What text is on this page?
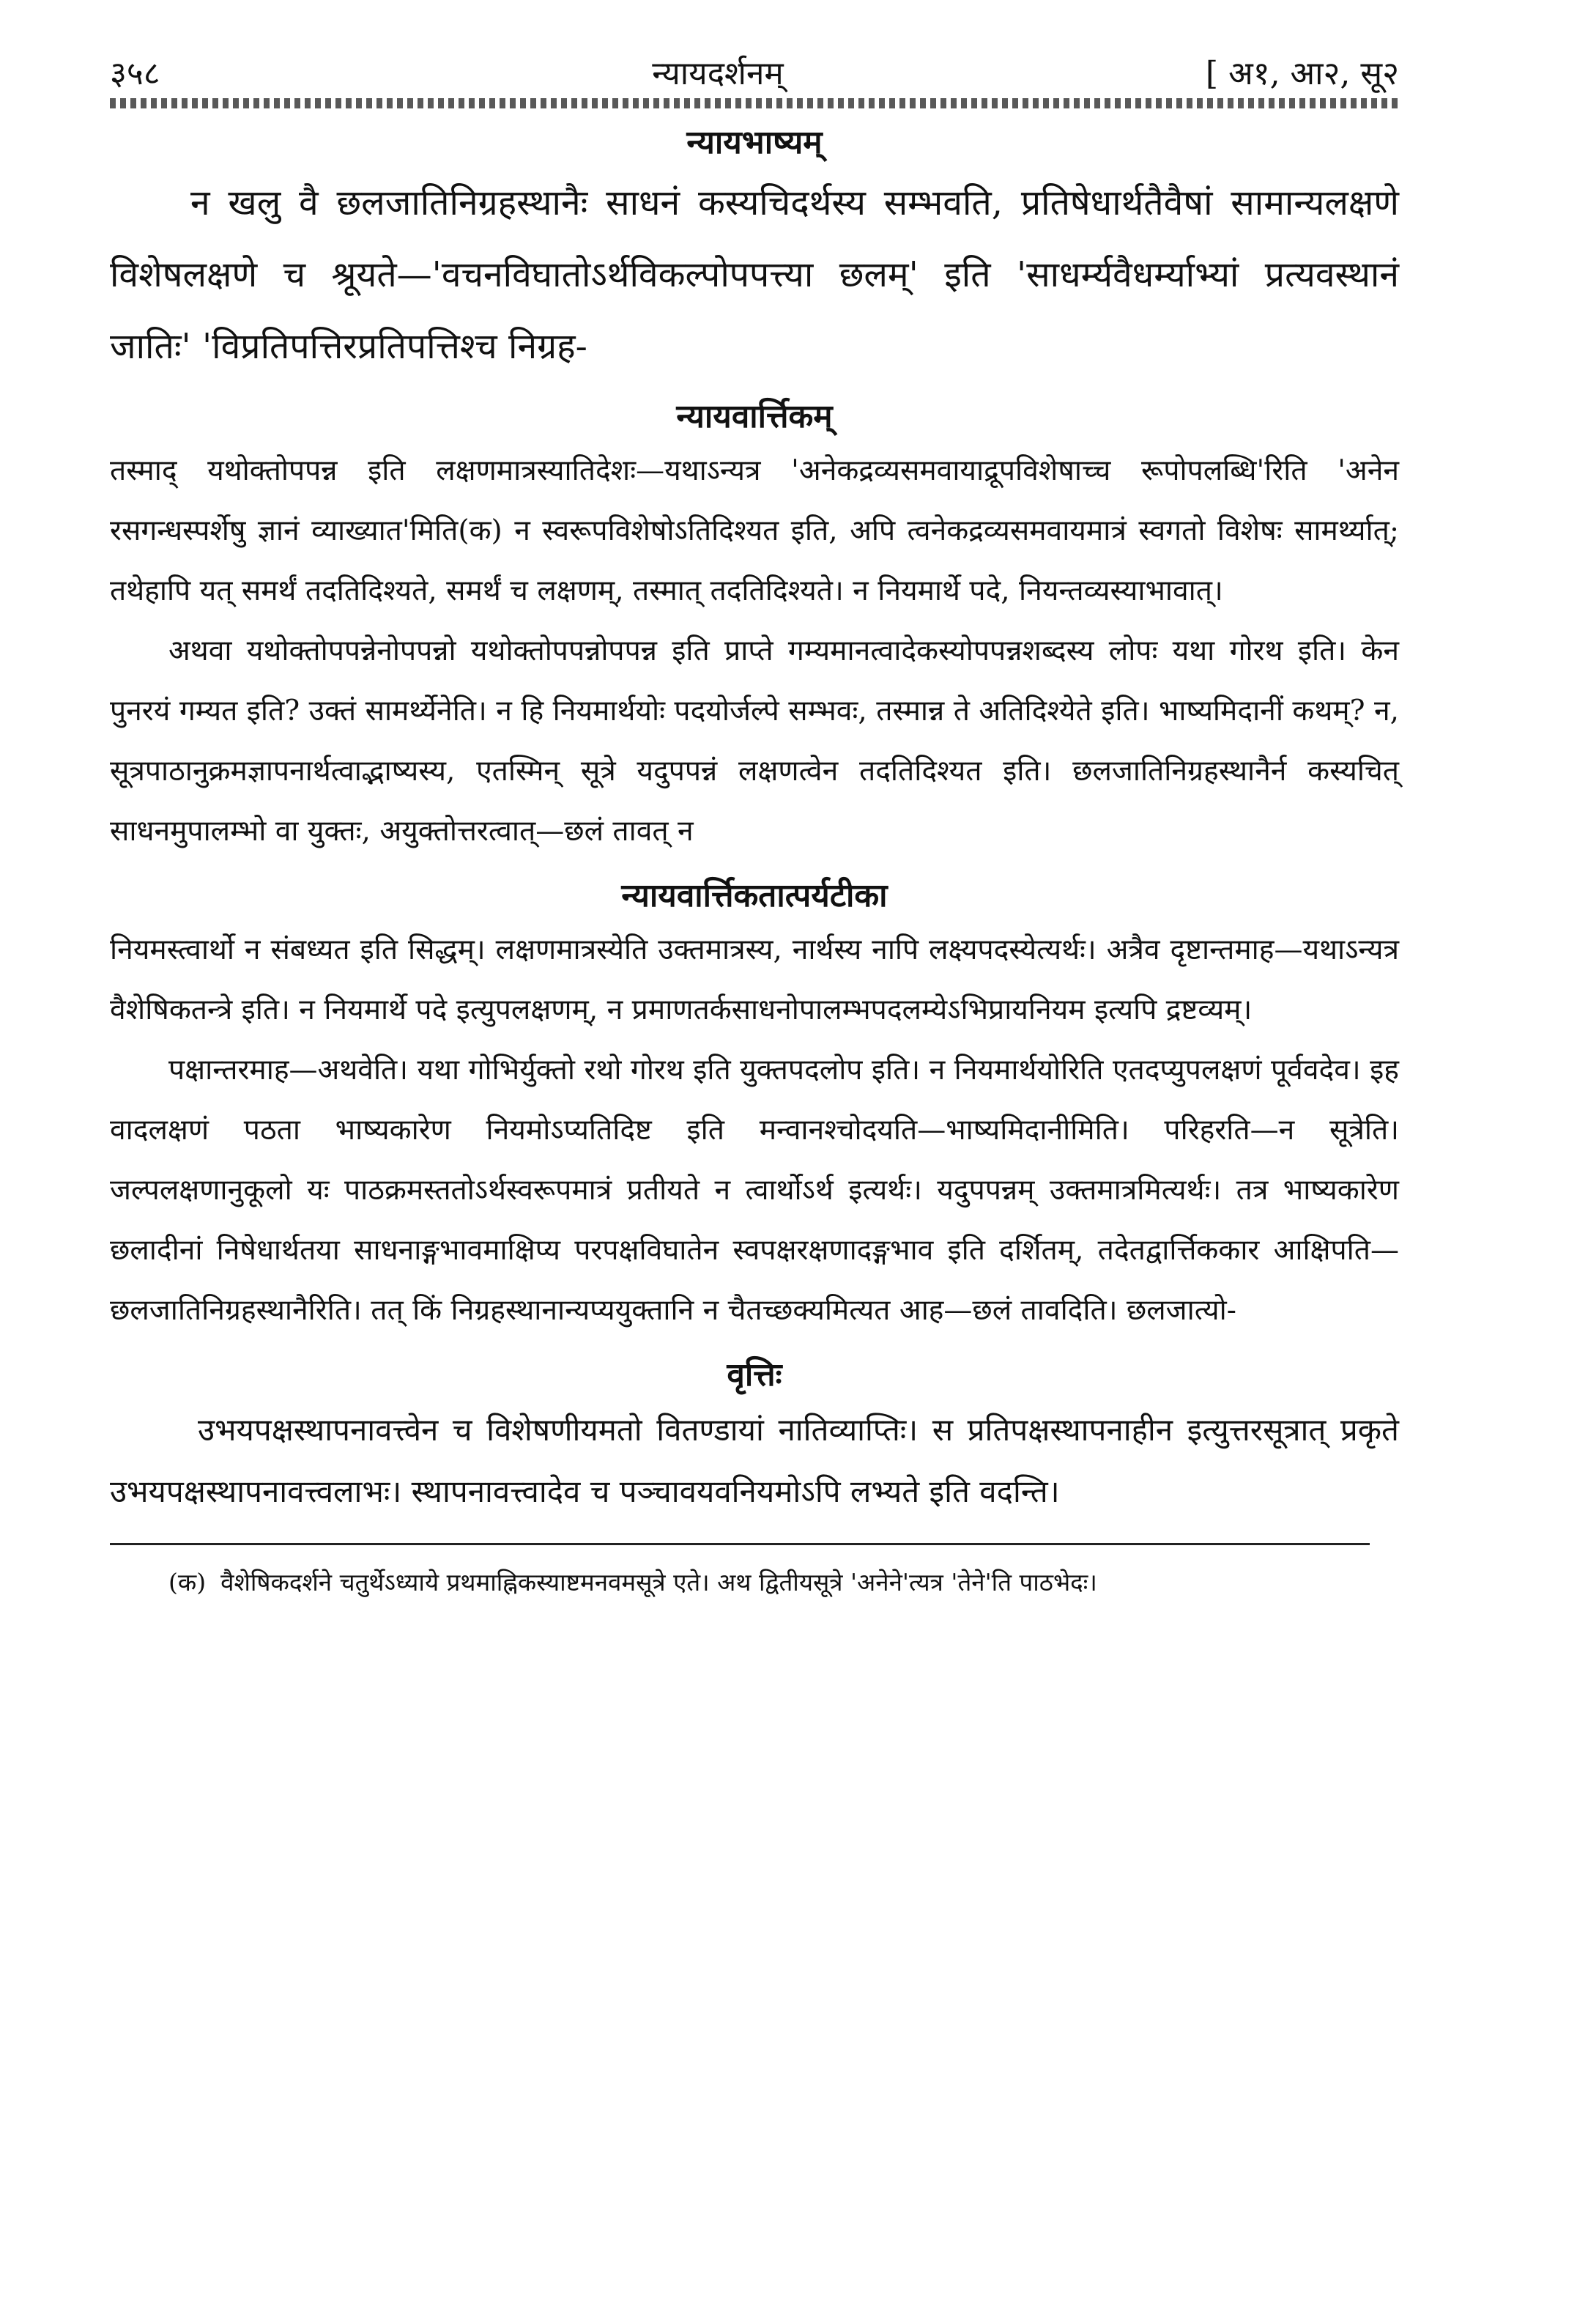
३५८	न्यायदर्शनम्	[ अ१, आ२, सू२
न्यायभाष्यम्

न खलु वै छलजातिनिग्रहस्थानैः साधनं कस्यचिदर्थस्य सम्भवति, प्रतिषेधार्थतैवैषां सामान्यलक्षणे विशेषलक्षणे च श्रूयते—'वचनविघातोऽर्थविकल्पोपपत्त्या छलम्' इति 'साधर्म्यवैधर्म्याभ्यां प्रत्यवस्थानं जातिः' 'विप्रतिपत्तिरप्रतिपत्तिश्च निग्रह-

न्यायवार्त्तिकम्

तस्माद् यथोक्तोपपन्न इति लक्षणमात्रस्यातिदेशः—यथाऽन्यत्र 'अनेकद्रव्यसमवायाद्रूपविशेषाच्च रूपोपलब्धि'रिति 'अनेन रसगन्धस्पर्शेषु ज्ञानं व्याख्यात'मिति(क) न स्वरूपविशेषोऽतिदिश्यत इति, अपि त्वनेकद्रव्यसमवायमात्रं स्वगतो विशेषः सामर्थ्यात्; तथेहापि यत् समर्थं तदतिदिश्यते, समर्थं च लक्षणम्, तस्मात् तदतिदिश्यते। न नियमार्थे पदे, नियन्तव्यस्याभावात्।

अथवा यथोक्तोपपन्नेनोपपन्नो यथोक्तोपपन्नोपपन्न इति प्राप्ते गम्यमानत्वादेकस्योपपन्नशब्दस्य लोपः यथा गोरथ इति। केन पुनरयं गम्यत इति? उक्तं सामर्थ्येनेति। न हि नियमार्थयोः पदयोर्जल्पे सम्भवः, तस्मान्न ते अतिदिश्येते इति। भाष्यमिदानीं कथम्? न, सूत्रपाठानुक्रमज्ञापनार्थत्वाद्भाष्यस्य, एतस्मिन् सूत्रे यदुपपन्नं लक्षणत्वेन तदतिदिश्यत इति। छलजातिनिग्रहस्थानैर्न कस्यचित् साधनमुपालम्भो वा युक्तः, अयुक्तोत्तरत्वात्—छलं तावत् न

न्यायवार्त्तिकतात्पर्यटीका

नियमस्त्वार्थो न संबध्यत इति सिद्धम्। लक्षणमात्रस्येति उक्तमात्रस्य, नार्थस्य नापि लक्ष्यपदस्येत्यर्थः। अत्रैव दृष्टान्तमाह—यथाऽन्यत्र वैशेषिकतन्त्रे इति। न नियमार्थे पदे इत्युपलक्षणम्, न प्रमाणतर्कसाधनोपालम्भपदलम्येऽभिप्रायनियम इत्यपि द्रष्टव्यम्।

पक्षान्तरमाह—अथवेति। यथा गोभिर्युक्तो रथो गोरथ इति युक्तपदलोप इति। न नियमार्थयोरिति एतदप्युपलक्षणं पूर्ववदेव। इह वादलक्षणं पठता भाष्यकारेण नियमोऽप्यतिदिष्ट इति मन्वानश्चोदयति—भाष्यमिदानीमिति। परिहरति—न सूत्रेति। जल्पलक्षणानुकूलो यः पाठक्रमस्ततोऽर्थस्वरूपमात्रं प्रतीयते न त्वार्थोऽर्थ इत्यर्थः। यदुपपन्नम् उक्तमात्रमित्यर्थः। तत्र भाष्यकारेण छलादीनां निषेधार्थतया साधनाङ्गभावमाक्षिप्य परपक्षविघातेन स्वपक्षरक्षणादङ्गभाव इति दर्शितम्, तदेतद्वार्त्तिककार आक्षिपति—छलजातिनिग्रहस्थानैरिति। तत् किं निग्रहस्थानान्यप्ययुक्तानि न चैतच्छक्यमित्यत आह—छलं तावदिति। छलजात्यो-

वृत्तिः

उभयपक्षस्थापनावत्त्वेन च विशेषणीयमतो वितण्डायां नातिव्याप्तिः। स प्रतिपक्षस्थापनाहीन इत्युत्तरसूत्रात् प्रकृते उभयपक्षस्थापनावत्त्वलाभः। स्थापनावत्त्वादेव च पञ्चावयवनियमोऽपि लभ्यते इति वदन्ति।

(क) वैशेषिकदर्शने चतुर्थेऽध्याये प्रथमाह्निकस्याष्टमनवमसूत्रे एते। अथ द्वितीयसूत्रे 'अनेने'त्यत्र 'तेने'ति पाठभेदः।
